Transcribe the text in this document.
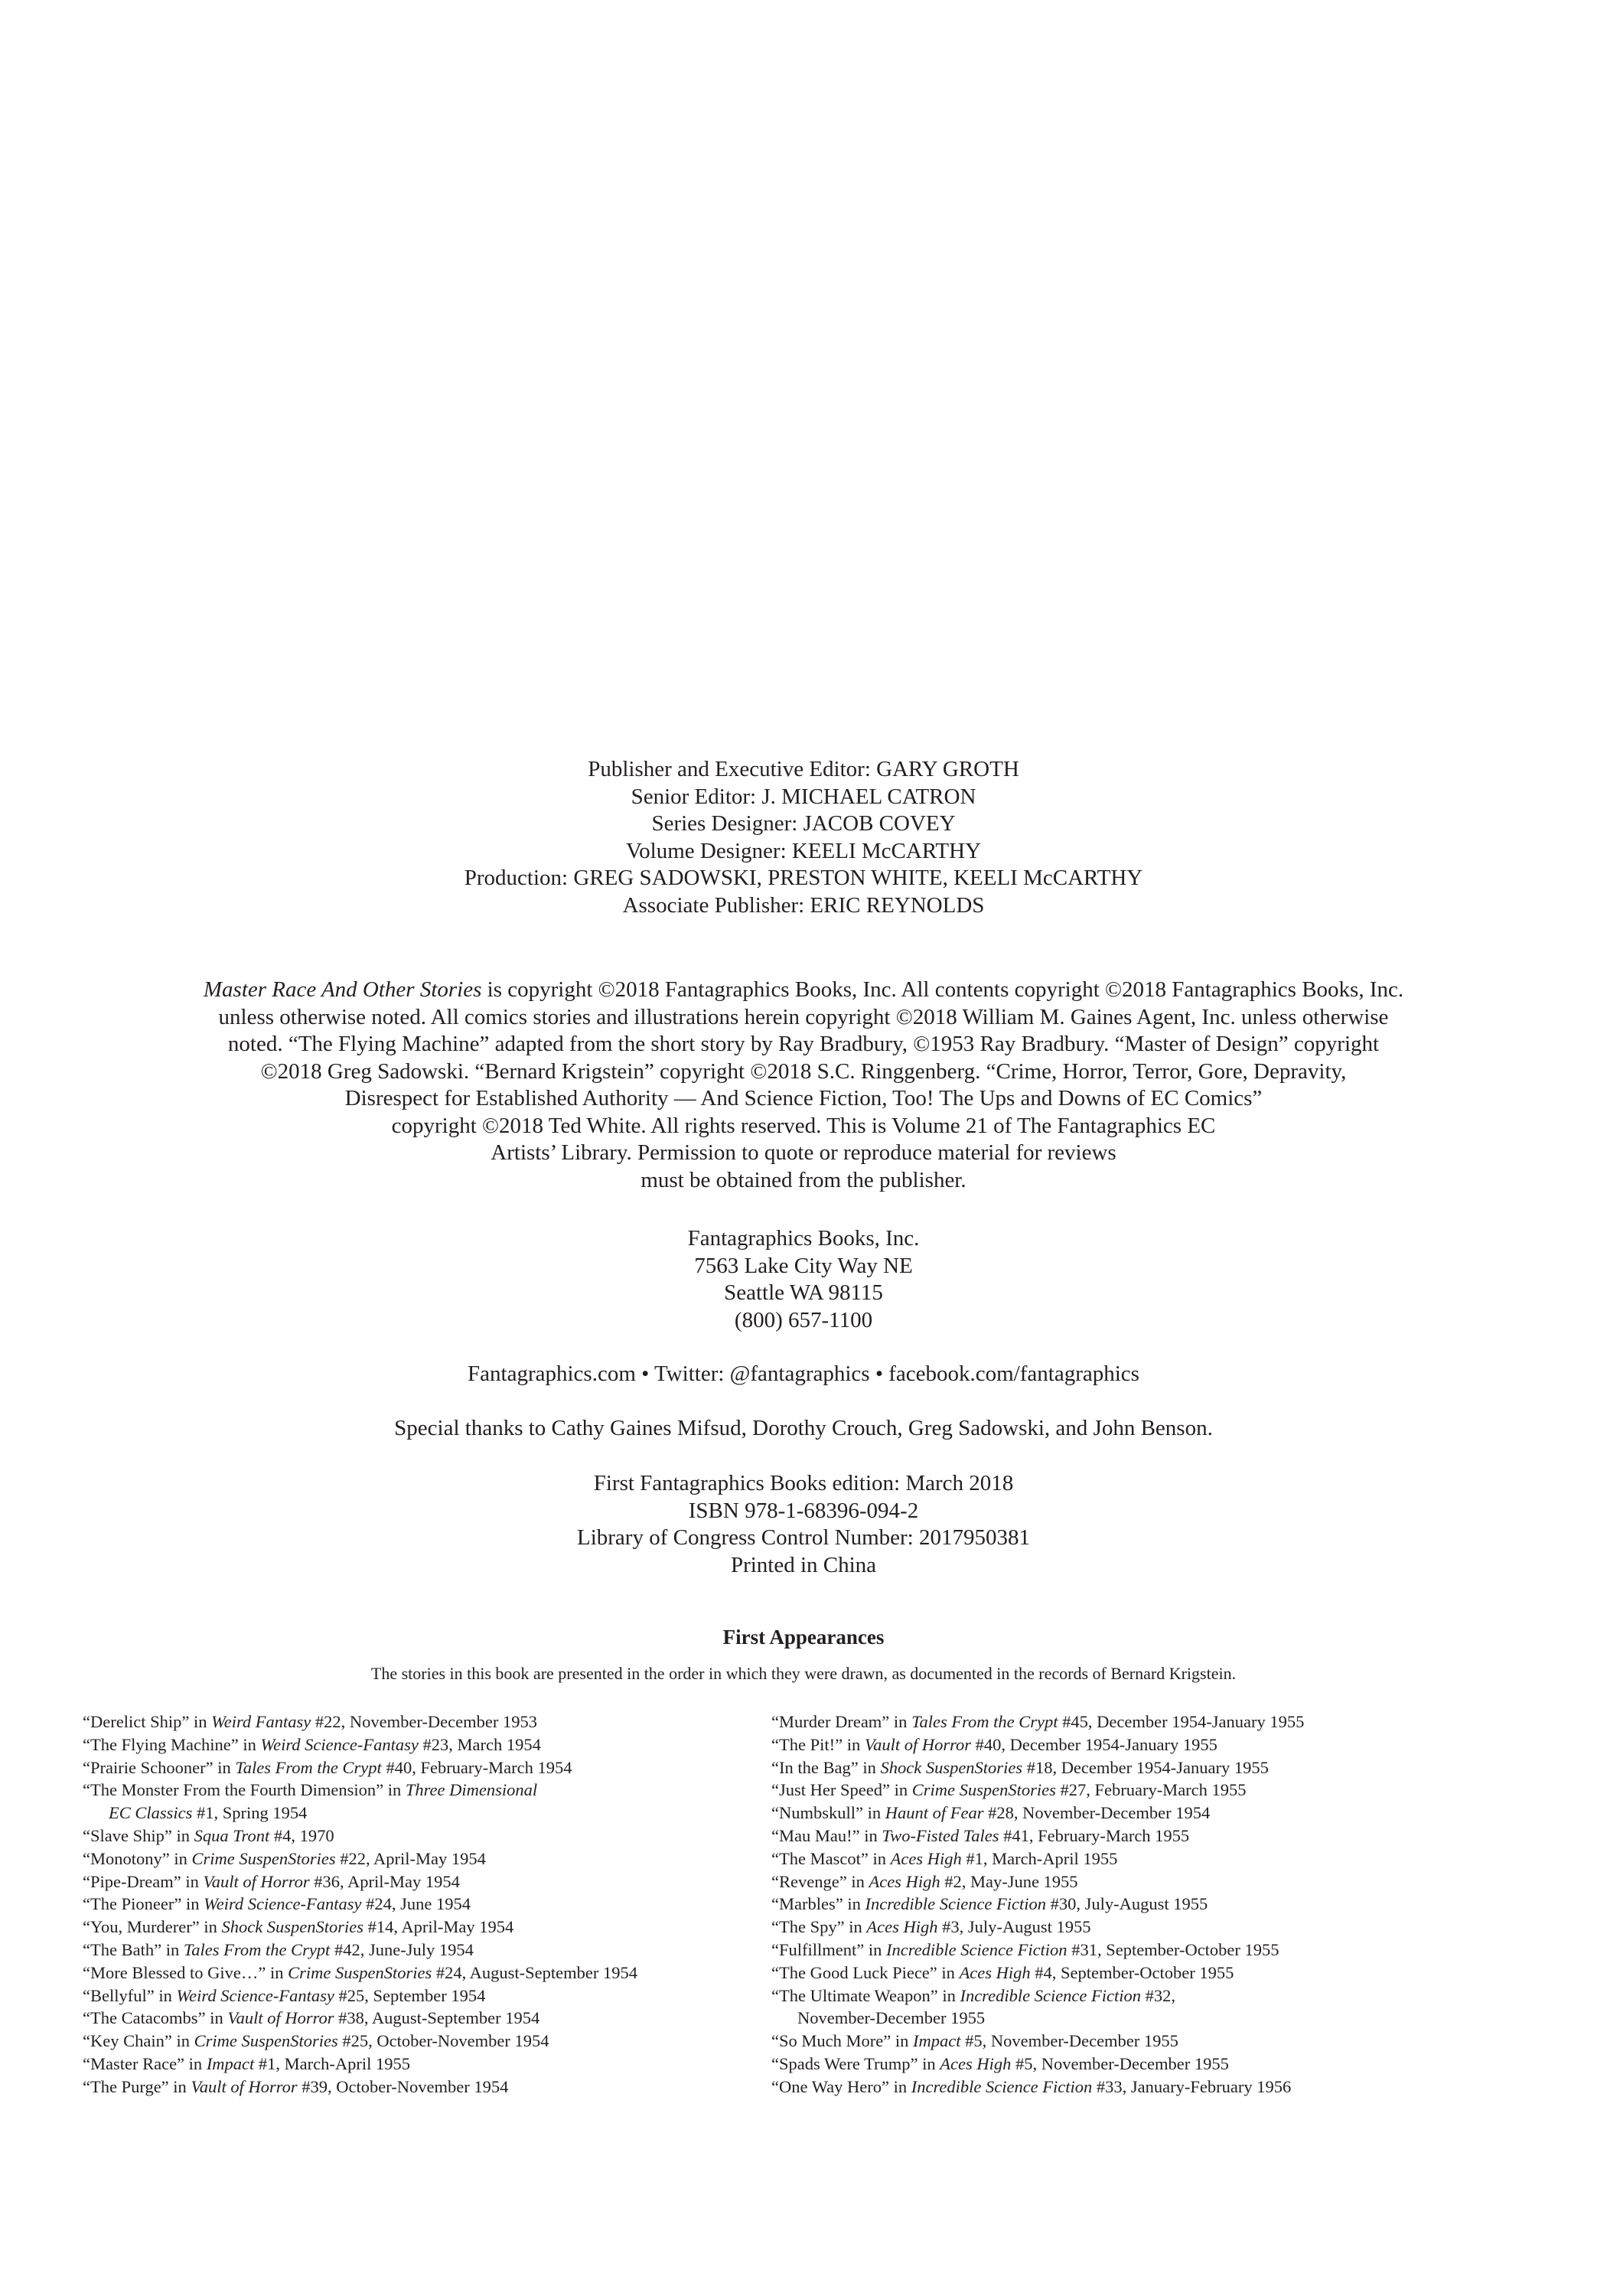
Publisher and Executive Editor: GARY GROTH
Senior Editor: J. MICHAEL CATRON
Series Designer: JACOB COVEY
Volume Designer: KEELI McCARTHY
Production: GREG SADOWSKI, PRESTON WHITE, KEELI McCARTHY
Associate Publisher: ERIC REYNOLDS
Master Race And Other Stories is copyright ©2018 Fantagraphics Books, Inc. All contents copyright ©2018 Fantagraphics Books, Inc.
unless otherwise noted. All comics stories and illustrations herein copyright ©2018 William M. Gaines Agent, Inc. unless otherwise
noted. “The Flying Machine” adapted from the short story by Ray Bradbury, ©1953 Ray Bradbury. “Master of Design” copyright
©2018 Greg Sadowski. “Bernard Krigstein” copyright ©2018 S.C. Ringgenberg. “Crime, Horror, Terror, Gore, Depravity,
Disrespect for Established Authority — And Science Fiction, Too! The Ups and Downs of EC Comics”
copyright ©2018 Ted White. All rights reserved. This is Volume 21 of The Fantagraphics EC
Artists’ Library. Permission to quote or reproduce material for reviews
must be obtained from the publisher.
Fantagraphics Books, Inc.
7563 Lake City Way NE
Seattle WA 98115
(800) 657-1100
Fantagraphics.com • Twitter: @fantagraphics • facebook.com/fantagraphics
Special thanks to Cathy Gaines Mifsud, Dorothy Crouch, Greg Sadowski, and John Benson.
First Fantagraphics Books edition: March 2018
ISBN 978-1-68396-094-2
Library of Congress Control Number: 2017950381
Printed in China
First Appearances
The stories in this book are presented in the order in which they were drawn, as documented in the records of Bernard Krigstein.
“Derelict Ship” in Weird Fantasy #22, November-December 1953
“The Flying Machine” in Weird Science-Fantasy #23, March 1954
“Prairie Schooner” in Tales From the Crypt #40, February-March 1954
“The Monster From the Fourth Dimension” in Three Dimensional
EC Classics #1, Spring 1954
“Slave Ship” in Squa Tront #4, 1970
“Monotony” in Crime SuspenStories #22, April-May 1954
“Pipe-Dream” in Vault of Horror #36, April-May 1954
“The Pioneer” in Weird Science-Fantasy #24, June 1954
“You, Murderer” in Shock SuspenStories #14, April-May 1954
“The Bath” in Tales From the Crypt #42, June-July 1954
“More Blessed to Give…” in Crime SuspenStories #24, August-September 1954
“Bellyful” in Weird Science-Fantasy #25, September 1954
“The Catacombs” in Vault of Horror #38, August-September 1954
“Key Chain” in Crime SuspenStories #25, October-November 1954
“Master Race” in Impact #1, March-April 1955
“The Purge” in Vault of Horror #39, October-November 1954
“Murder Dream” in Tales From the Crypt #45, December 1954-January 1955
“The Pit!” in Vault of Horror #40, December 1954-January 1955
“In the Bag” in Shock SuspenStories #18, December 1954-January 1955
“Just Her Speed” in Crime SuspenStories #27, February-March 1955
“Numbskull” in Haunt of Fear #28, November-December 1954
“Mau Mau!” in Two-Fisted Tales #41, February-March 1955
“The Mascot” in Aces High #1, March-April 1955
“Revenge” in Aces High #2, May-June 1955
“Marbles” in Incredible Science Fiction #30, July-August 1955
“The Spy” in Aces High #3, July-August 1955
“Fulfillment” in Incredible Science Fiction #31, September-October 1955
“The Good Luck Piece” in Aces High #4, September-October 1955
“The Ultimate Weapon” in Incredible Science Fiction #32,
November-December 1955
“So Much More” in Impact #5, November-December 1955
“Spads Were Trump” in Aces High #5, November-December 1955
“One Way Hero” in Incredible Science Fiction #33, January-February 1956
